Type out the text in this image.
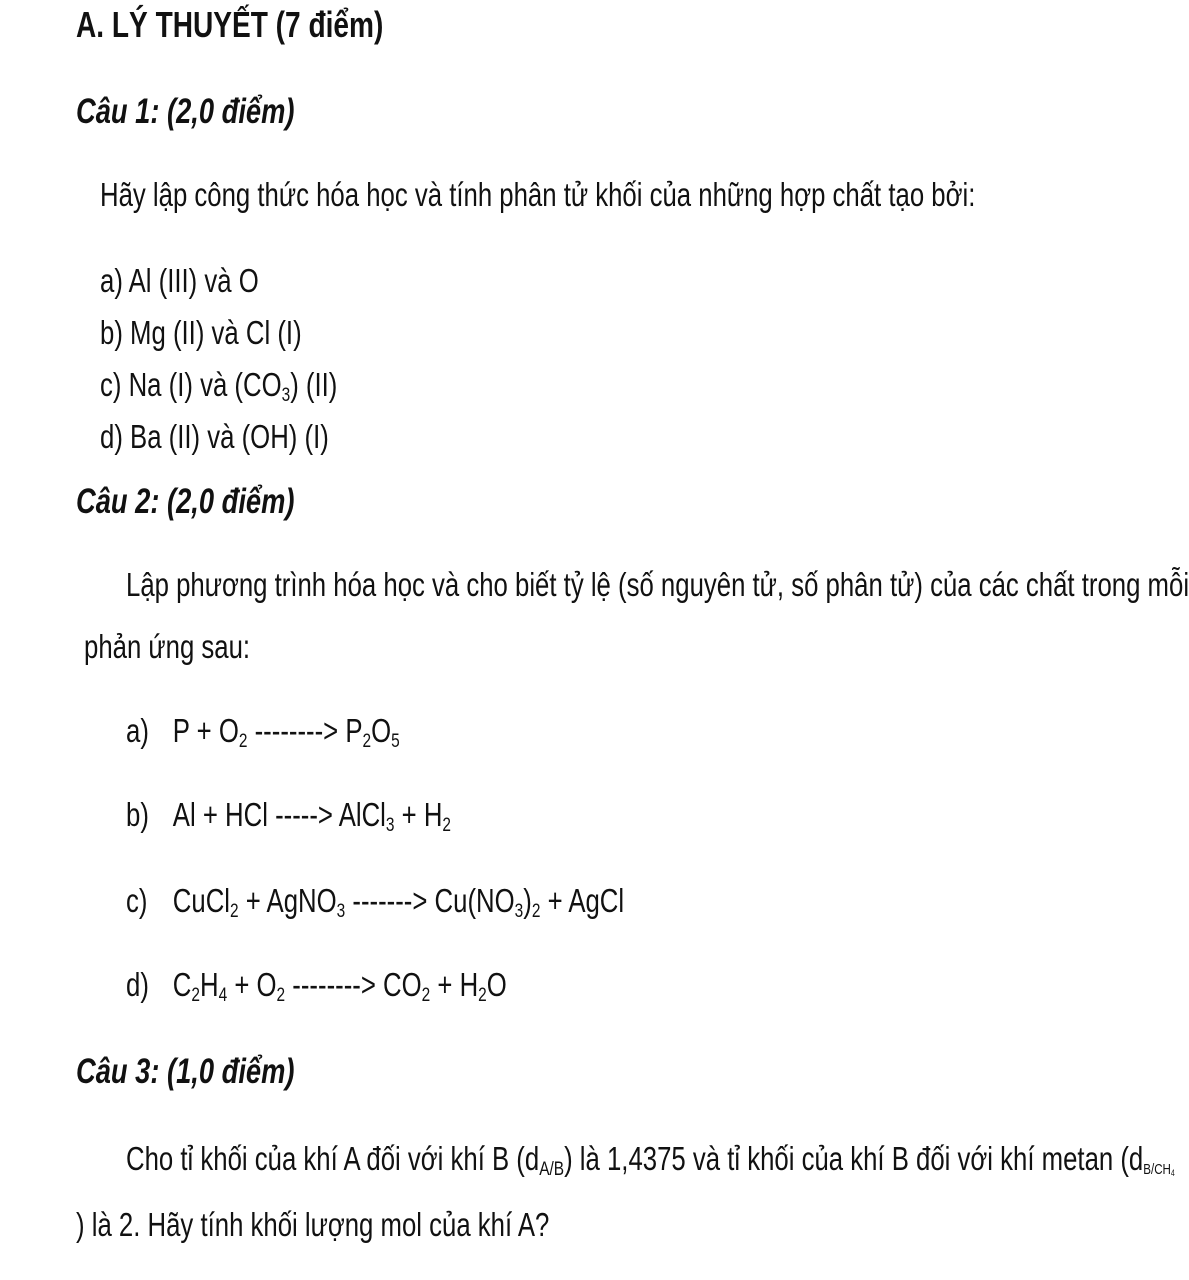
A. LÝ THUYẾT (7 điểm)
Câu 1: (2,0 điểm)
Hãy lập công thức hóa học và tính phân tử khối của những hợp chất tạo bởi:
a) Al (III) và O
b) Mg (II) và Cl (I)
c) Na (I) và $(CO_3)$ (II)
d) Ba (II) và (OH) (I)
Câu 2: (2,0 điểm)
Lập phương trình hóa học và cho biết tỷ lệ (số nguyên tử, số phân tử) của các chất trong mỗi
phản ứng sau:
a) $P + O_2$ --------> $P_2O_5$
b) Al + HCl -----> AlCl$_3$ + $H_2$
c) CuCl$_2$ + AgNO$_3$ -------> $Cu(NO_3)_2$ + AgCl
d) $C_2H_4 + O_2$ --------> $CO_2 + H_2O$
Câu 3: (1,0 điểm)
Cho tỉ khối của khí A đối với khí B $(d_{A/B})$ là 1,4375 và tỉ khối của khí B đối với khí metan ($d_{B/CH_4}$
) là 2. Hãy tính khối lượng mol của khí A?
